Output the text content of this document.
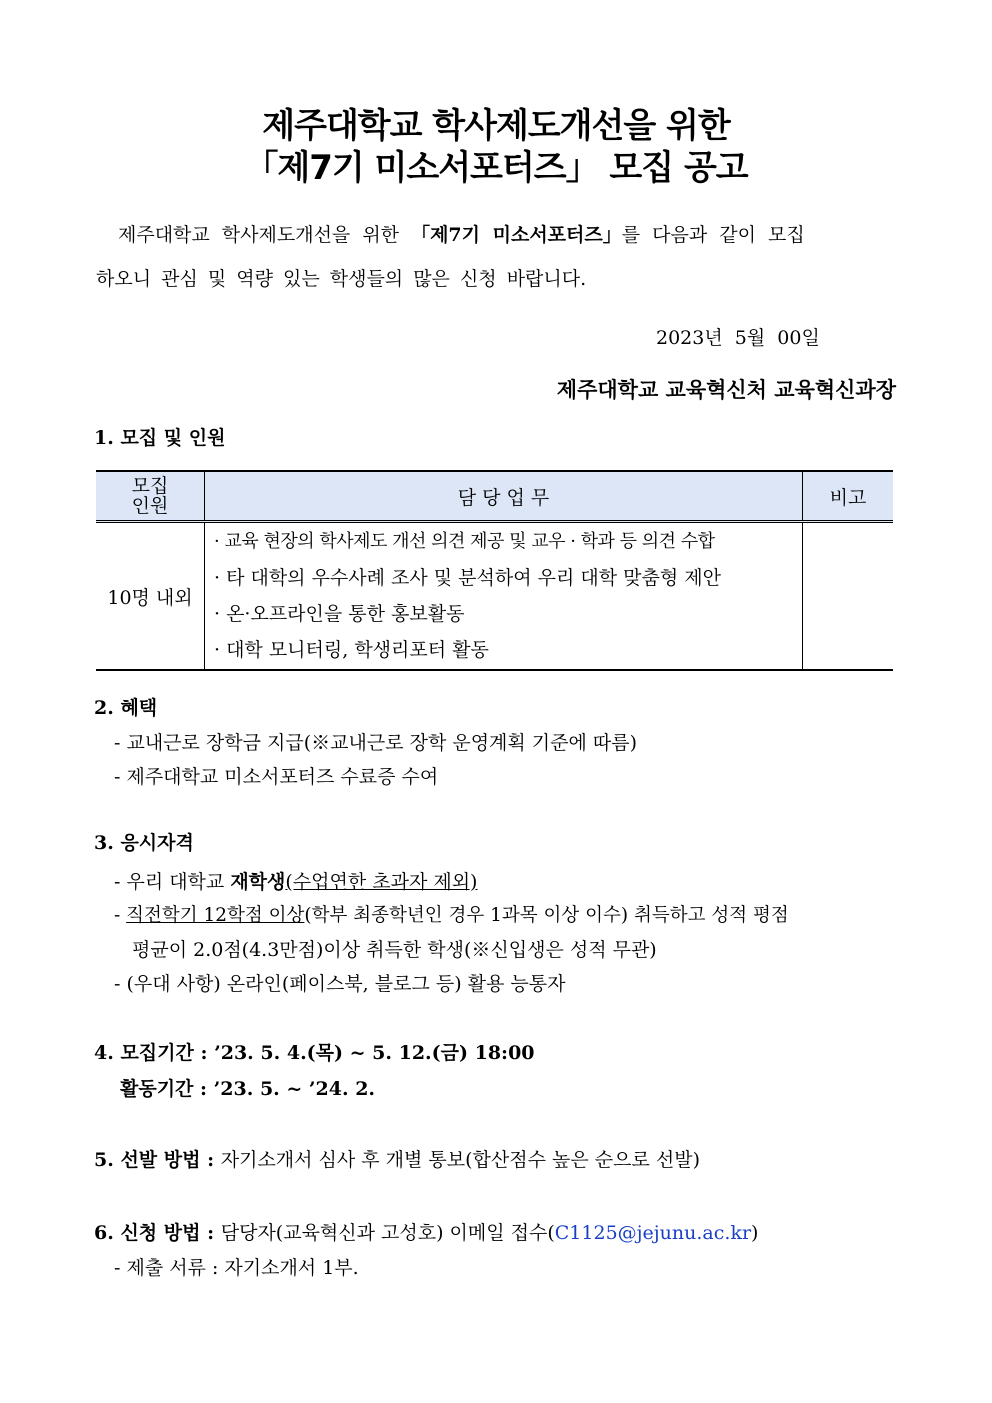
제주대학교 학사제도개선을 위한
「제7기 미소서포터즈」 모집 공고
제주대학교 학사제도개선을 위한 「제7기 미소서포터즈」를 다음과 같이 모집
하오니 관심 및 역량 있는 학생들의 많은 신청 바랍니다.
2023년  5월  00일
제주대학교 교육혁신처 교육혁신과장
1. 모집 및 인원
모집
인원	담 당 업 무	비고
10명 내외	· 교육 현장의 학사제도 개선 의견 제공 및 교우 · 학과 등 의견 수합
· 타 대학의 우수사례 조사 및 분석하여 우리 대학 맞춤형 제안
· 온·오프라인을 통한 홍보활동
· 대학 모니터링, 학생리포터 활동	

2. 혜택
- 교내근로 장학금 지급(※교내근로 장학 운영계획 기준에 따름)
- 제주대학교 미소서포터즈 수료증 수여
3. 응시자격
- 우리 대학교 재학생(수업연한 초과자 제외)
- 직전학기 12학점 이상(학부 최종학년인 경우 1과목 이상 이수) 취득하고 성적 평점
평균이 2.0점(4.3만점)이상 취득한 학생(※신입생은 성적 무관)
- (우대 사항) 온라인(페이스북, 블로그 등) 활용 능통자
4. 모집기간 : ’23. 5. 4.(목) ~ 5. 12.(금) 18:00
활동기간 : ’23. 5. ~ ’24. 2.
5. 선발 방법 : 자기소개서 심사 후 개별 통보(합산점수 높은 순으로 선발)
6. 신청 방법 : 담당자(교육혁신과 고성호) 이메일 접수(C1125@jejunu.ac.kr)
- 제출 서류 : 자기소개서 1부.
